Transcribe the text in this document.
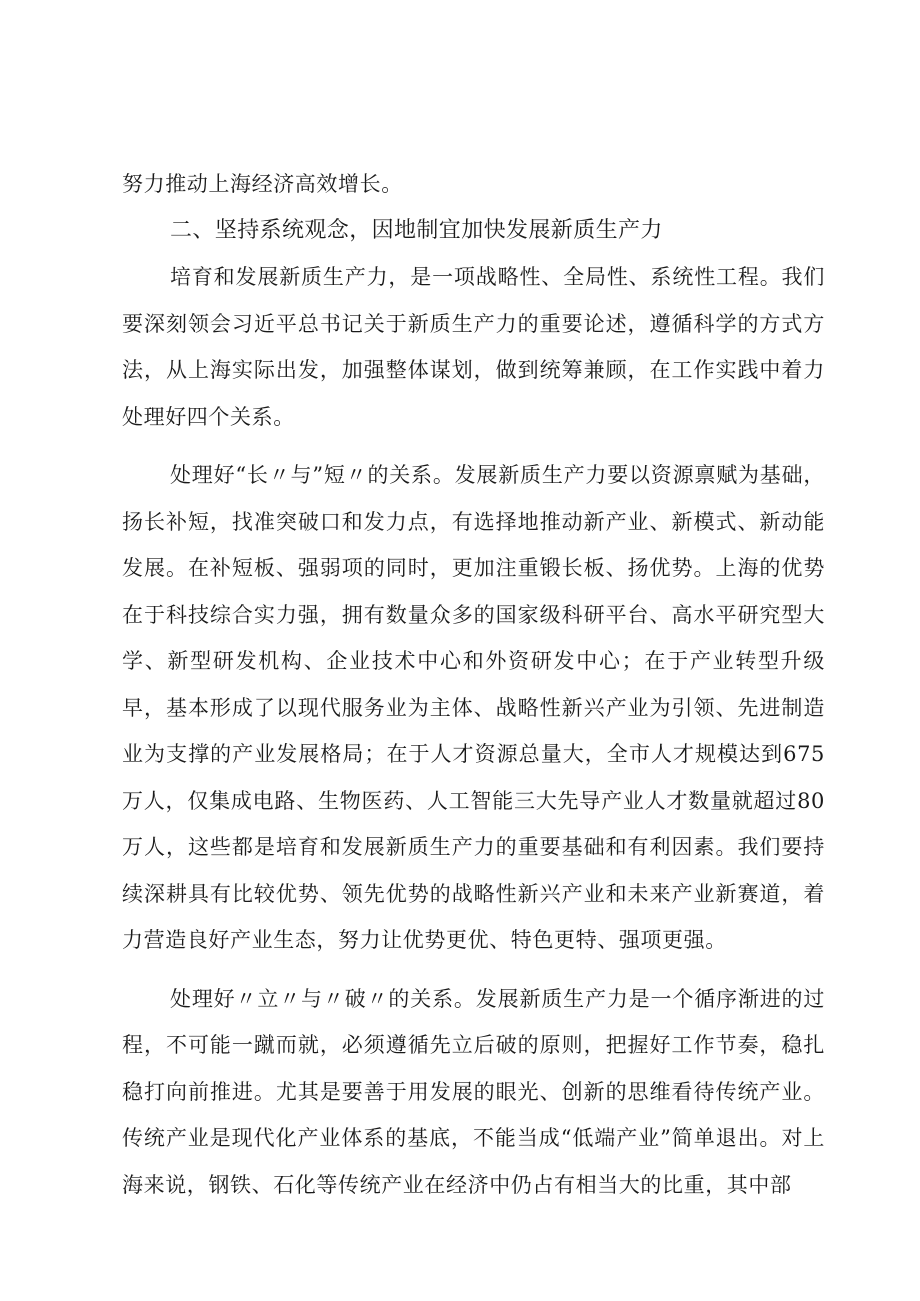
努力推动上海经济高效增长。

二、坚持系统观念，因地制宜加快发展新质生产力

培育和发展新质生产力，是一项战略性、全局性、系统性工程。我们要深刻领会习近平总书记关于新质生产力的重要论述，遵循科学的方式方法，从上海实际出发，加强整体谋划，做到统筹兼顾，在工作实践中着力处理好四个关系。

处理好“长〃与”短〃的关系。发展新质生产力要以资源禀赋为基础，扬长补短，找准突破口和发力点，有选择地推动新产业、新模式、新动能发展。在补短板、强弱项的同时，更加注重锻长板、扬优势。上海的优势在于科技综合实力强，拥有数量众多的国家级科研平台、高水平研究型大学、新型研发机构、企业技术中心和外资研发中心；在于产业转型升级早，基本形成了以现代服务业为主体、战略性新兴产业为引领、先进制造业为支撑的产业发展格局；在于人才资源总量大，全市人才规模达到675万人，仅集成电路、生物医药、人工智能三大先导产业人才数量就超过80万人，这些都是培育和发展新质生产力的重要基础和有利因素。我们要持续深耕具有比较优势、领先优势的战略性新兴产业和未来产业新赛道，着力营造良好产业生态，努力让优势更优、特色更特、强项更强。

处理好〃立〃与〃破〃的关系。发展新质生产力是一个循序渐进的过程，不可能一蹴而就，必须遵循先立后破的原则，把握好工作节奏，稳扎稳打向前推进。尤其是要善于用发展的眼光、创新的思维看待传统产业。传统产业是现代化产业体系的基底，不能当成“低端产业”简单退出。对上海来说，钢铁、石化等传统产业在经济中仍占有相当大的比重，其中部
